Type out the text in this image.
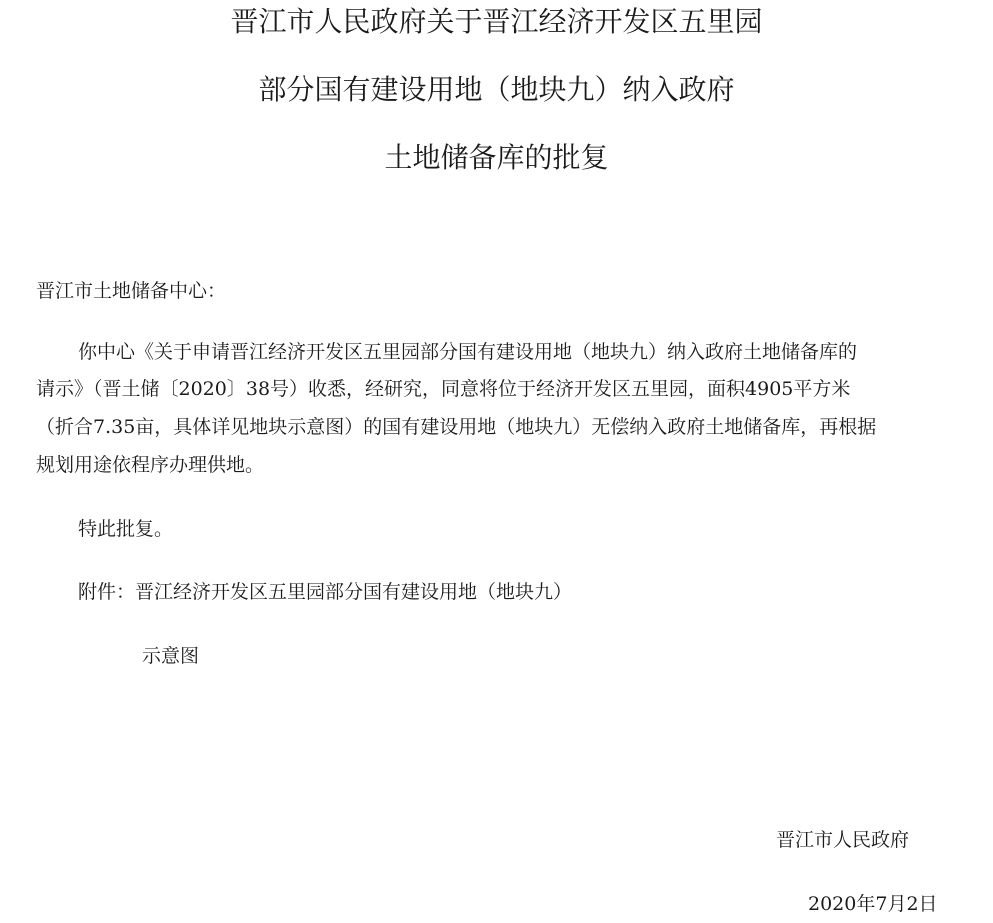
晋江市人民政府关于晋江经济开发区五里园
部分国有建设用地（地块九）纳入政府
土地储备库的批复
晋江市土地储备中心：
你中心《关于申请晋江经济开发区五里园部分国有建设用地（地块九）纳入政府土地储备库的
请示》（晋土储〔2020〕38号）收悉，经研究，同意将位于经济开发区五里园，面积4905平方米
（折合7.35亩，具体详见地块示意图）的国有建设用地（地块九）无偿纳入政府土地储备库，再根据
规划用途依程序办理供地。
特此批复。
附件：晋江经济开发区五里园部分国有建设用地（地块九）
示意图
晋江市人民政府
2020年7月2日
